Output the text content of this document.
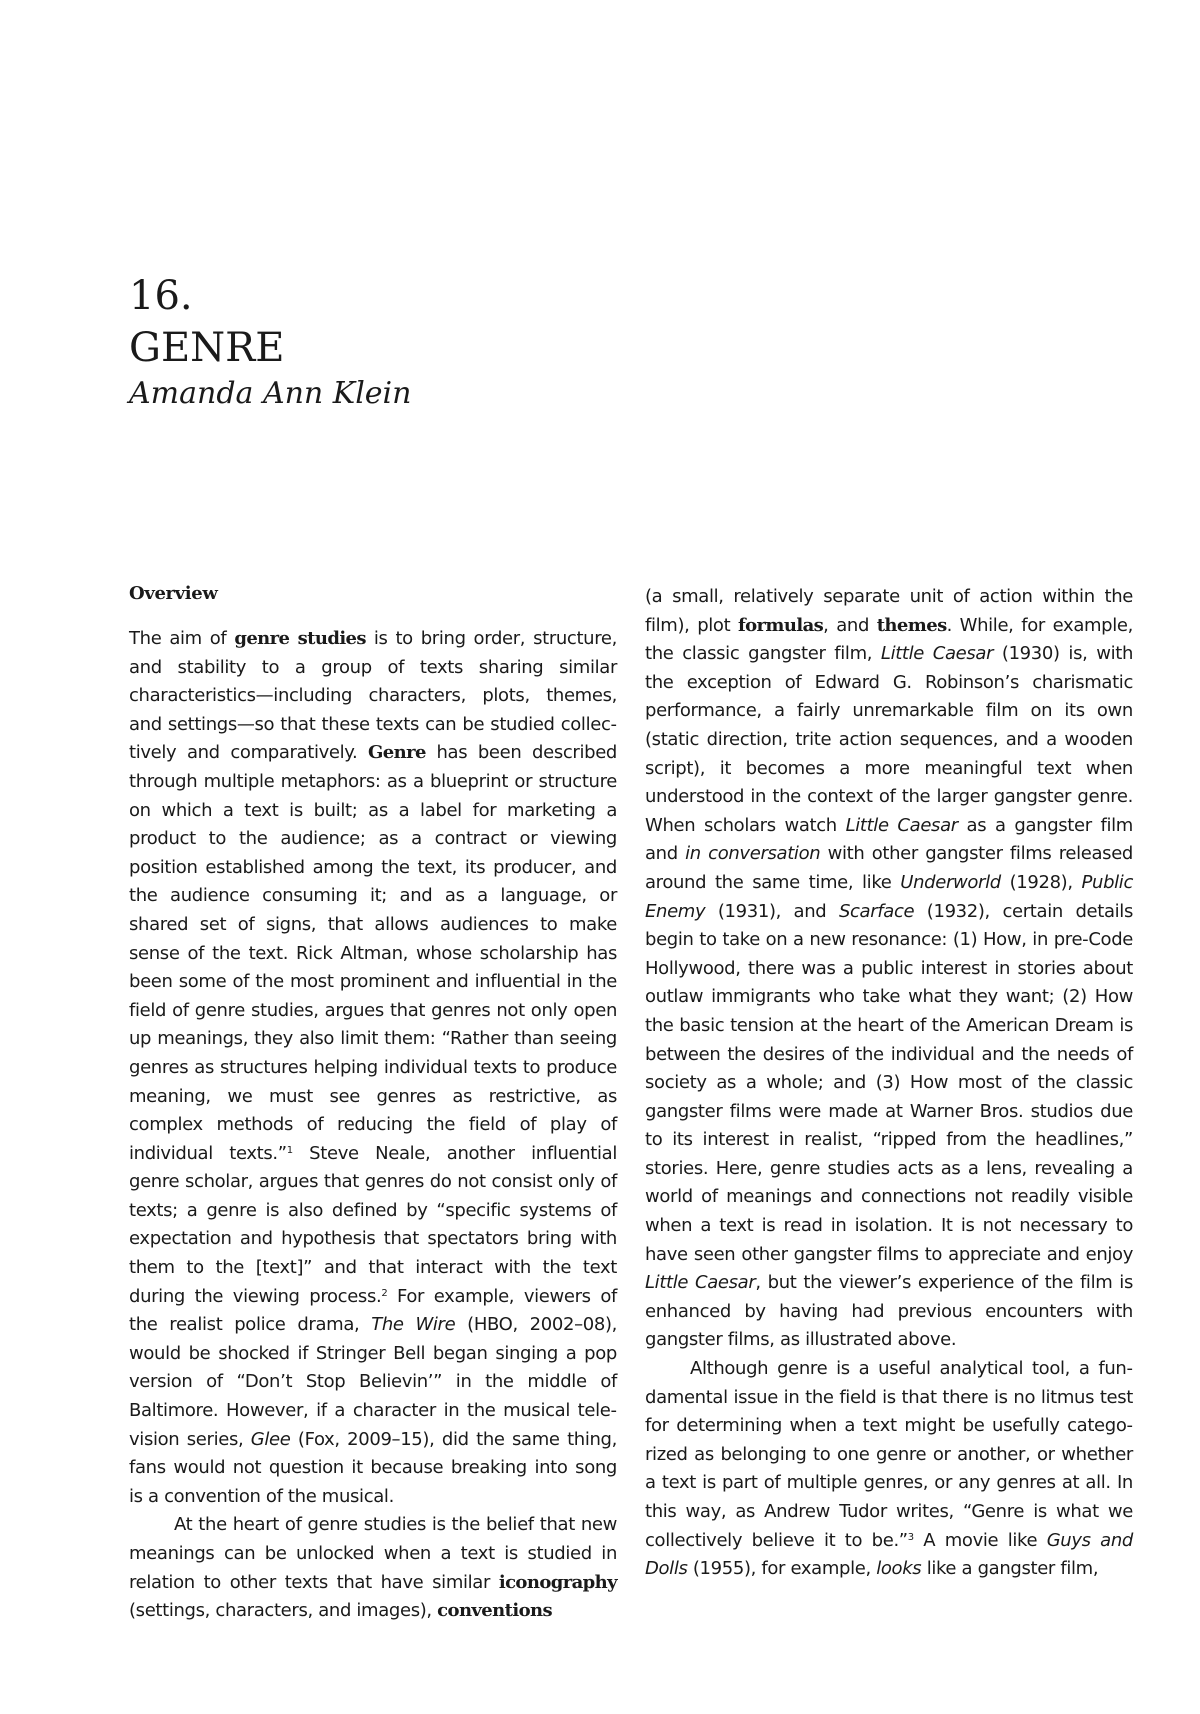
16.
GENRE
Amanda Ann Klein
Overview

The aim of genre studies is to bring order, structure, and stability to a group of texts sharing similar characteristics—including characters, plots, themes, and settings—so that these texts can be studied collectively and comparatively. Genre has been described through multiple metaphors: as a blueprint or structure on which a text is built; as a label for marketing a product to the audience; as a contract or viewing position established among the text, its producer, and the audience consuming it; and as a language, or shared set of signs, that allows audiences to make sense of the text. Rick Altman, whose scholarship has been some of the most prominent and influential in the field of genre studies, argues that genres not only open up meanings, they also limit them: “Rather than seeing genres as structures helping individual texts to produce meaning, we must see genres as restrictive, as complex methods of reducing the field of play of individual texts.”$^1$ Steve Neale, another influential genre scholar, argues that genres do not consist only of texts; a genre is also defined by “specific systems of expectation and hypothesis that spectators bring with them to the [text]” and that interact with the text during the viewing process.$^2$ For example, viewers of the realist police drama, The Wire (HBO, 2002–08), would be shocked if Stringer Bell began singing a pop version of “Don’t Stop Believin’” in the middle of Baltimore. However, if a character in the musical television series, Glee (Fox, 2009–15), did the same thing, fans would not question it because breaking into song is a convention of the musical.

At the heart of genre studies is the belief that new meanings can be unlocked when a text is studied in relation to other texts that have similar iconography (settings, characters, and images), conventions

(a small, relatively separate unit of action within the film), plot formulas, and themes. While, for example, the classic gangster film, Little Caesar (1930) is, with the exception of Edward G. Robinson’s charismatic performance, a fairly unremarkable film on its own (static direction, trite action sequences, and a wooden script), it becomes a more meaningful text when understood in the context of the larger gangster genre. When scholars watch Little Caesar as a gangster film and in conversation with other gangster films released around the same time, like Underworld (1928), Public Enemy (1931), and Scarface (1932), certain details begin to take on a new resonance: (1) How, in pre-Code Hollywood, there was a public interest in stories about outlaw immigrants who take what they want; (2) How the basic tension at the heart of the American Dream is between the desires of the individual and the needs of society as a whole; and (3) How most of the classic gangster films were made at Warner Bros. studios due to its interest in realist, “ripped from the headlines,” stories. Here, genre studies acts as a lens, revealing a world of meanings and connections not readily visible when a text is read in isolation. It is not necessary to have seen other gangster films to appreciate and enjoy Little Caesar, but the viewer’s experience of the film is enhanced by having had previous encounters with gangster films, as illustrated above.

Although genre is a useful analytical tool, a fundamental issue in the field is that there is no litmus test for determining when a text might be usefully categorized as belonging to one genre or another, or whether a text is part of multiple genres, or any genres at all. In this way, as Andrew Tudor writes, “Genre is what we collectively believe it to be.”$^3$ A movie like Guys and Dolls (1955), for example, looks like a gangster film,
